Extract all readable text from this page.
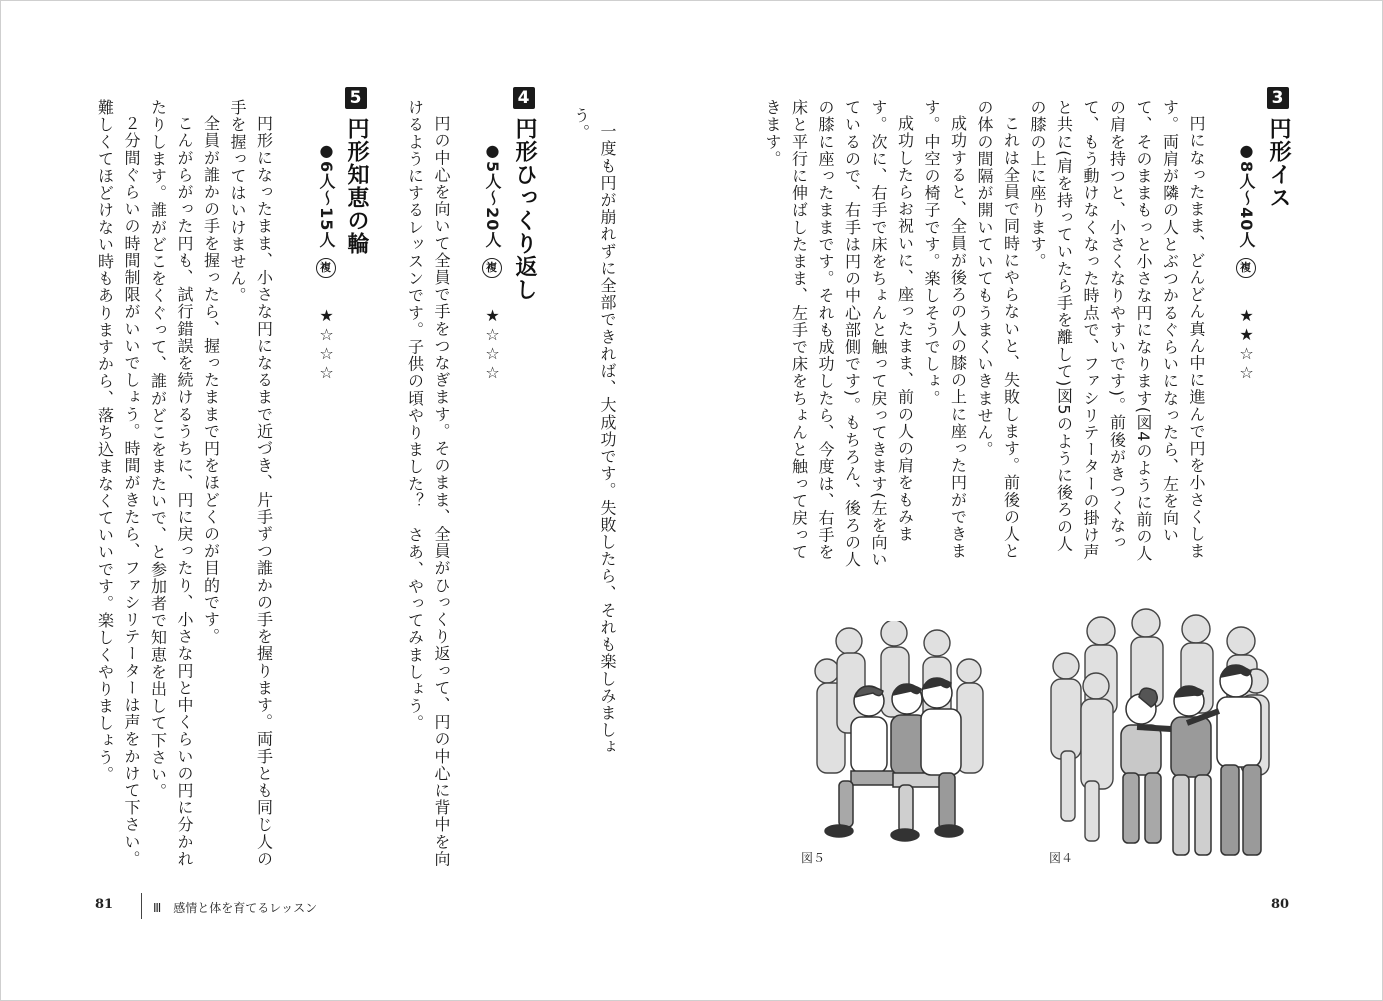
3円形イス
●8人～40人 複 ★★☆☆

円になったまま、どんどん真ん中に進んで円を小さくします。両肩が隣の人とぶつかるぐらいになったら、左を向いて、そのままもっと小さな円になります(図4のように前の人の肩を持つと、小さくなりやすいです)。前後がきつくなって、もう動けなくなった時点で、ファシリテーターの掛け声と共に(肩を持っていたら手を離して)図5のように後ろの人の膝の上に座ります。

これは全員で同時にやらないと、失敗します。前後の人との体の間隔が開いていてもうまくいきません。

成功すると、全員が後ろの人の膝の上に座った円ができます。中空の椅子です。楽しそうでしょ。

成功したらお祝いに、座ったまま、前の人の肩をもみます。次に、右手で床をちょんと触って戻ってきます(左を向いているので、右手は円の中心部側です)。もちろん、後ろの人の膝に座ったままです。それも成功したら、今度は、右手を床と平行に伸ばしたまま、左手で床をちょんと触って戻ってきます。

図４
図５
80

一度も円が崩れずに全部できれば、大成功です。失敗したら、それも楽しみましょう。

4円形ひっくり返し
●5人～20人 複 ★☆☆☆

円の中心を向いて全員で手をつなぎます。そのまま、全員がひっくり返って、円の中心に背中を向けるようにするレッスンです。子供の頃やりました？　さあ、やってみましょう。

5円形知恵の輪
●6人～15人 複 ★☆☆☆

円形になったまま、小さな円になるまで近づき、片手ずつ誰かの手を握ります。両手とも同じ人の手を握ってはいけません。

全員が誰かの手を握ったら、握ったままで円をほどくのが目的です。

こんがらがった円も、試行錯誤を続けるうちに、円に戻ったり、小さな円と中くらいの円に分かれたりします。誰がどこをくぐって、誰がどこをまたいで、と参加者で知恵を出して下さい。

２分間ぐらいの時間制限がいいでしょう。時間がきたら、ファシリテーターは声をかけて下さい。難しくてほどけない時もありますから、落ち込まなくていいです。楽しくやりましょう。

81	Ⅲ　感情と体を育てるレッスン
